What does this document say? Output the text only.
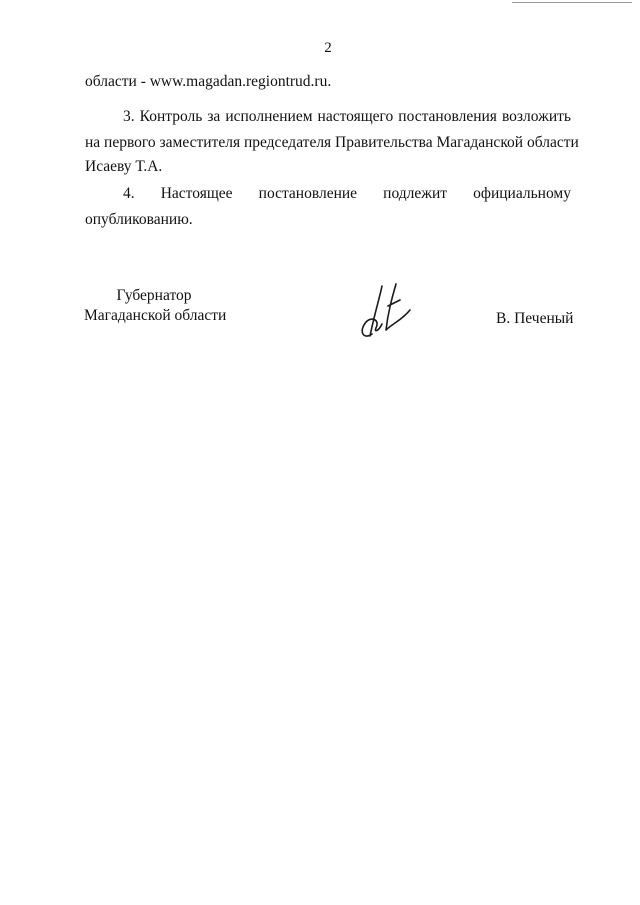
2
области - www.magadan.regiontrud.ru.
3. Контроль за исполнением настоящего постановления возложить
на первого заместителя председателя Правительства Магаданской области
Исаеву Т.А.
4. Настоящее постановление подлежит официальному
опубликованию.
Губернатор
Магаданской области	В. Печеный
